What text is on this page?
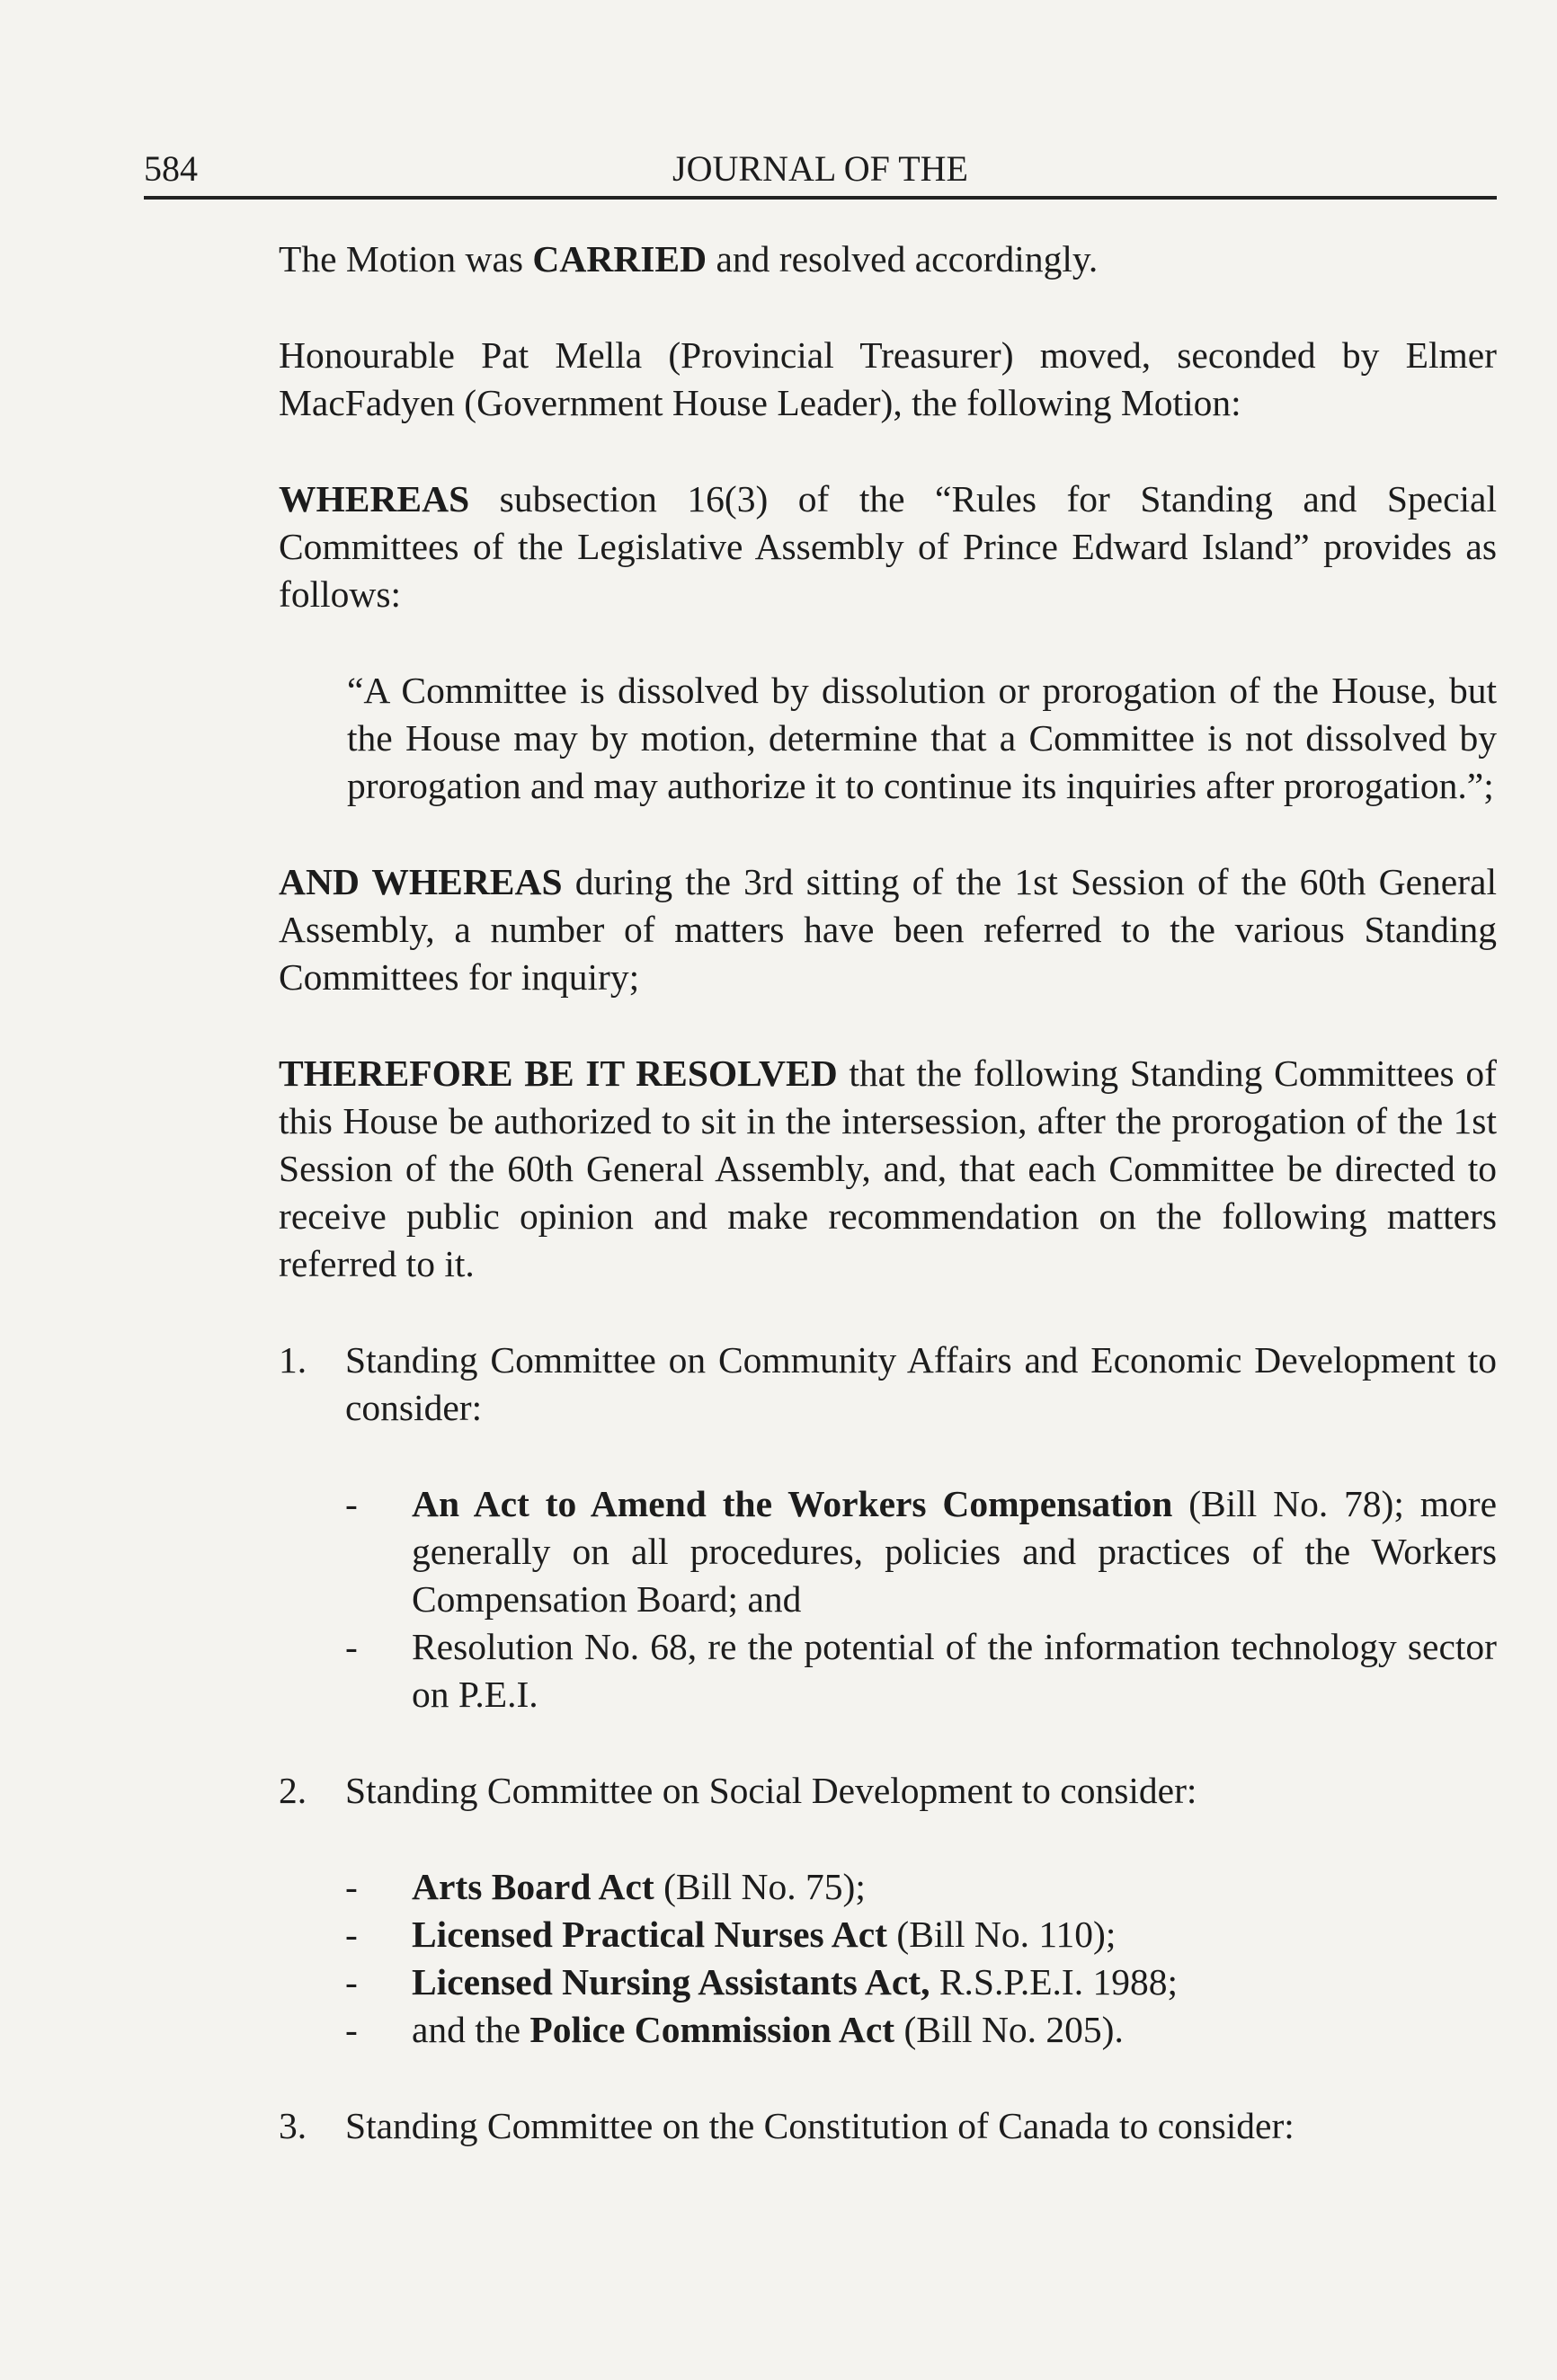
584	JOURNAL OF THE

The Motion was CARRIED and resolved accordingly.

Honourable Pat Mella (Provincial Treasurer) moved, seconded by Elmer MacFadyen (Government House Leader), the following Motion:

WHEREAS subsection 16(3) of the “Rules for Standing and Special Committees of the Legislative Assembly of Prince Edward Island” provides as follows:

“A Committee is dissolved by dissolution or prorogation of the House, but the House may by motion, determine that a Committee is not dissolved by prorogation and may authorize it to continue its inquiries after prorogation.”;

AND WHEREAS during the 3rd sitting of the 1st Session of the 60th General Assembly, a number of matters have been referred to the various Standing Committees for inquiry;

THEREFORE BE IT RESOLVED that the following Standing Committees of this House be authorized to sit in the intersession, after the prorogation of the 1st Session of the 60th General Assembly, and, that each Committee be directed to receive public opinion and make recommendation on the following matters referred to it.

1.	Standing Committee on Community Affairs and Economic Development to consider:
-	An Act to Amend the Workers Compensation (Bill No. 78); more generally on all procedures, policies and practices of the Workers Compensation Board; and
-	Resolution No. 68, re the potential of the information technology sector on P.E.I.
2.	Standing Committee on Social Development to consider:
-	Arts Board Act (Bill No. 75);
-	Licensed Practical Nurses Act (Bill No. 110);
-	Licensed Nursing Assistants Act, R.S.P.E.I. 1988;
-	and the Police Commission Act (Bill No. 205).
3.	Standing Committee on the Constitution of Canada to consider:
